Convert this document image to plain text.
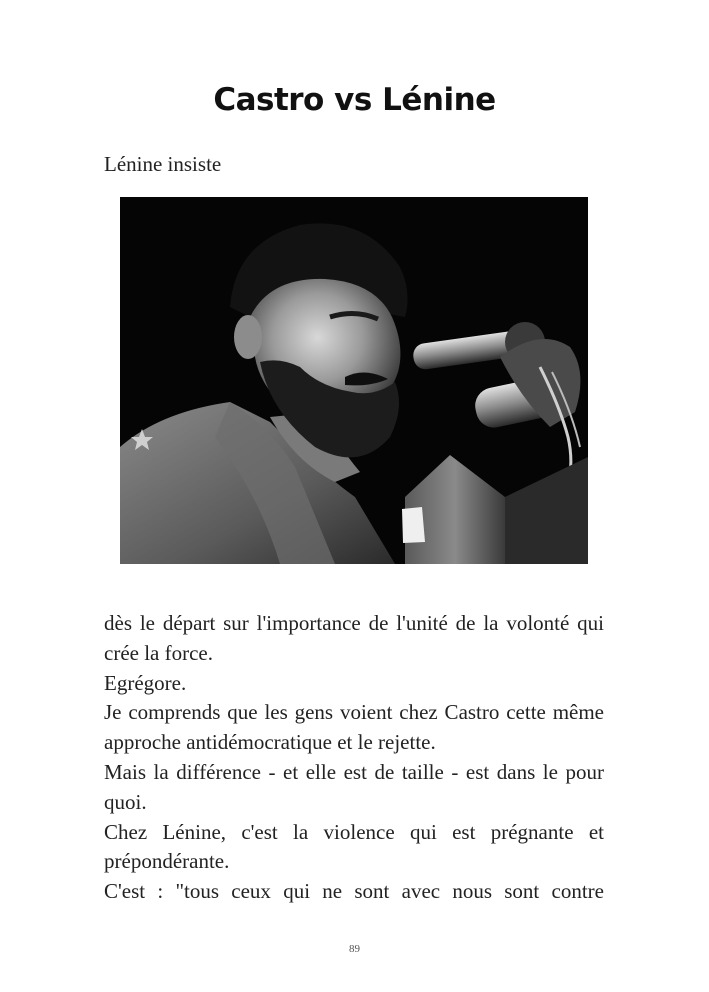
Castro vs Lénine

Lénine insiste

dès le départ sur l'importance de l'unité de la volonté qui crée la force.

Egrégore.

Je comprends que les gens voient chez Castro cette même approche antidémocratique et le rejette.

Mais la différence - et elle est de taille - est dans le pour quoi.

Chez Lénine, c'est la violence qui est prégnante et prépondérante.

C'est : "tous ceux qui ne sont avec nous sont contre

89
